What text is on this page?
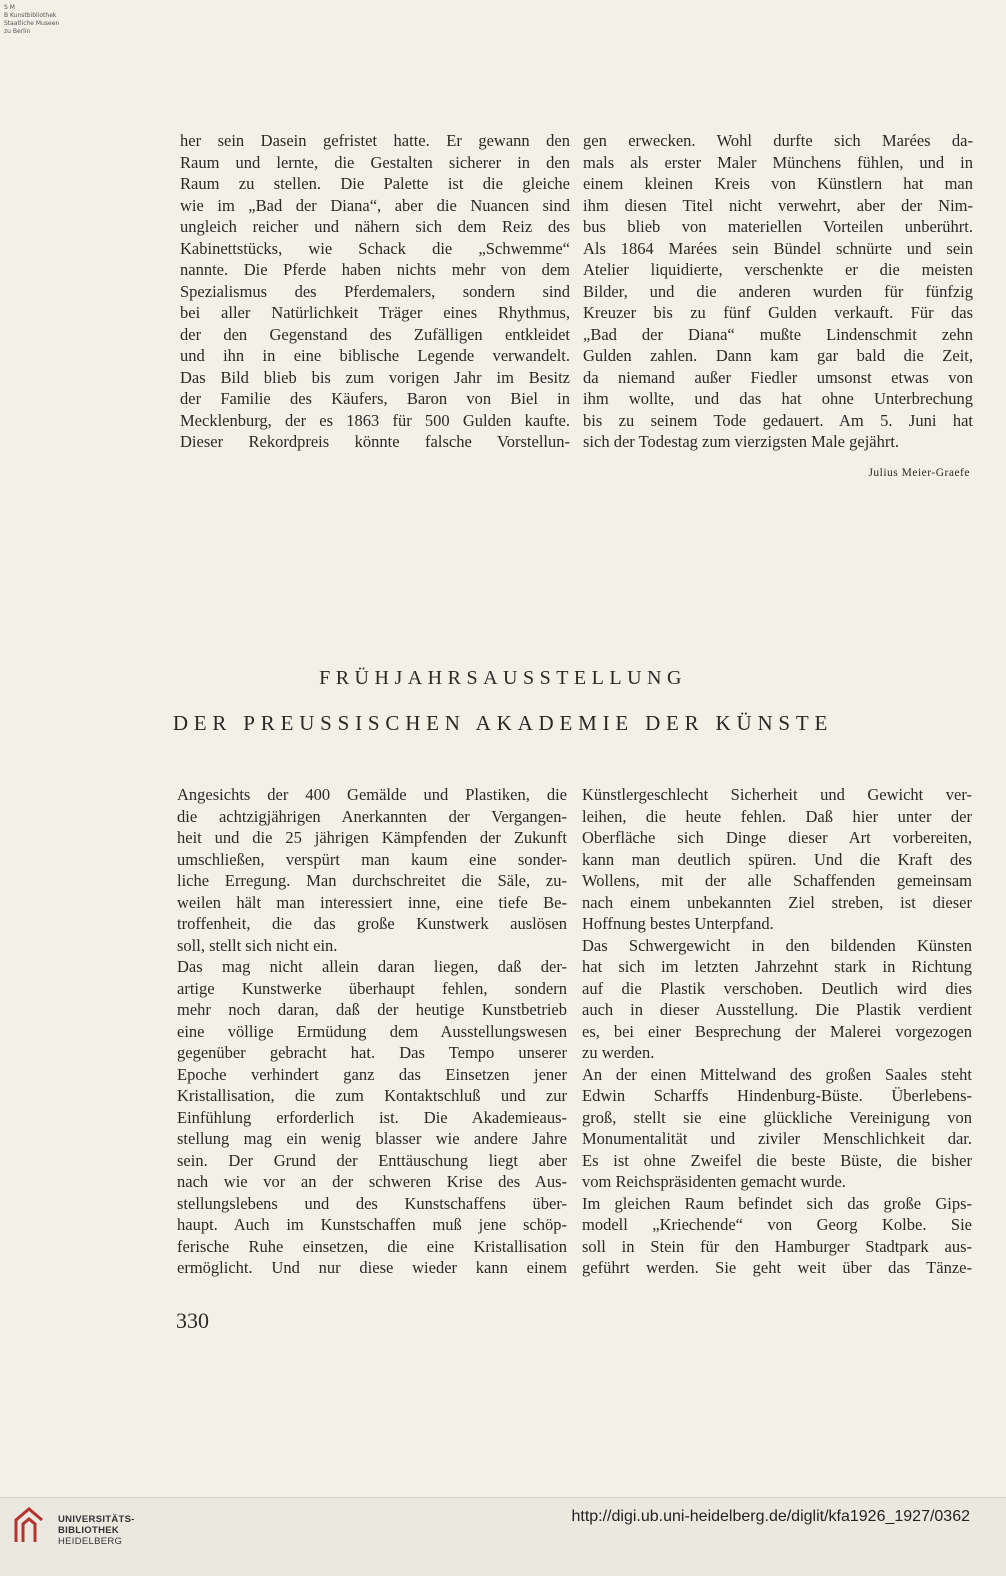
S M
B Kunstbibliothek
Staatliche Museen
zu Berlin

her sein Dasein gefristet hatte. Er gewann den
Raum und lernte, die Gestalten sicherer in den
Raum zu stellen. Die Palette ist die gleiche
wie im „Bad der Diana“, aber die Nuancen sind
ungleich reicher und nähern sich dem Reiz des
Kabinettstücks, wie Schack die „Schwemme“
nannte. Die Pferde haben nichts mehr von dem
Spezialismus des Pferdemalers, sondern sind
bei aller Natürlichkeit Träger eines Rhythmus,
der den Gegenstand des Zufälligen entkleidet
und ihn in eine biblische Legende verwandelt.
Das Bild blieb bis zum vorigen Jahr im Besitz
der Familie des Käufers, Baron von Biel in
Mecklenburg, der es 1863 für 500 Gulden kaufte.
Dieser Rekordpreis könnte falsche Vorstellun-

gen erwecken. Wohl durfte sich Marées da-
mals als erster Maler Münchens fühlen, und in
einem kleinen Kreis von Künstlern hat man
ihm diesen Titel nicht verwehrt, aber der Nim-
bus blieb von materiellen Vorteilen unberührt.
Als 1864 Marées sein Bündel schnürte und sein
Atelier liquidierte, verschenkte er die meisten
Bilder, und die anderen wurden für fünfzig
Kreuzer bis zu fünf Gulden verkauft. Für das
„Bad der Diana“ mußte Lindenschmit zehn
Gulden zahlen. Dann kam gar bald die Zeit,
da niemand außer Fiedler umsonst etwas von
ihm wollte, und das hat ohne Unterbrechung
bis zu seinem Tode gedauert. Am 5. Juni hat
sich der Todestag zum vierzigsten Male gejährt.

Julius Meier-Graefe
FRÜHJAHRSAUSSTELLUNG
DER PREUSSISCHEN AKADEMIE DER KÜNSTE

Angesichts der 400 Gemälde und Plastiken, die
die achtzigjährigen Anerkannten der Vergangen-
heit und die 25 jährigen Kämpfenden der Zukunft
umschließen, verspürt man kaum eine sonder-
liche Erregung. Man durchschreitet die Säle, zu-
weilen hält man interessiert inne, eine tiefe Be-
troffenheit, die das große Kunstwerk auslösen
soll, stellt sich nicht ein.

Das mag nicht allein daran liegen, daß der-
artige Kunstwerke überhaupt fehlen, sondern
mehr noch daran, daß der heutige Kunstbetrieb
eine völlige Ermüdung dem Ausstellungswesen
gegenüber gebracht hat. Das Tempo unserer
Epoche verhindert ganz das Einsetzen jener
Kristallisation, die zum Kontaktschluß und zur
Einfühlung erforderlich ist. Die Akademieaus-
stellung mag ein wenig blasser wie andere Jahre
sein. Der Grund der Enttäuschung liegt aber
nach wie vor an der schweren Krise des Aus-
stellungslebens und des Kunstschaffens über-
haupt. Auch im Kunstschaffen muß jene schöp-
ferische Ruhe einsetzen, die eine Kristallisation
ermöglicht. Und nur diese wieder kann einem

Künstlergeschlecht Sicherheit und Gewicht ver-
leihen, die heute fehlen. Daß hier unter der
Oberfläche sich Dinge dieser Art vorbereiten,
kann man deutlich spüren. Und die Kraft des
Wollens, mit der alle Schaffenden gemeinsam
nach einem unbekannten Ziel streben, ist dieser
Hoffnung bestes Unterpfand.

Das Schwergewicht in den bildenden Künsten
hat sich im letzten Jahrzehnt stark in Richtung
auf die Plastik verschoben. Deutlich wird dies
auch in dieser Ausstellung. Die Plastik verdient
es, bei einer Besprechung der Malerei vorgezogen
zu werden.

An der einen Mittelwand des großen Saales steht
Edwin Scharffs Hindenburg-Büste. Überlebens-
groß, stellt sie eine glückliche Vereinigung von
Monumentalität und ziviler Menschlichkeit dar.
Es ist ohne Zweifel die beste Büste, die bisher
vom Reichspräsidenten gemacht wurde.

Im gleichen Raum befindet sich das große Gips-
modell „Kriechende“ von Georg Kolbe. Sie
soll in Stein für den Hamburger Stadtpark aus-
geführt werden. Sie geht weit über das Tänze-

330
UNIVERSITÄTS-
BIBLIOTHEK
HEIDELBERG
http://digi.ub.uni-heidelberg.de/diglit/kfa1926_1927/0362
